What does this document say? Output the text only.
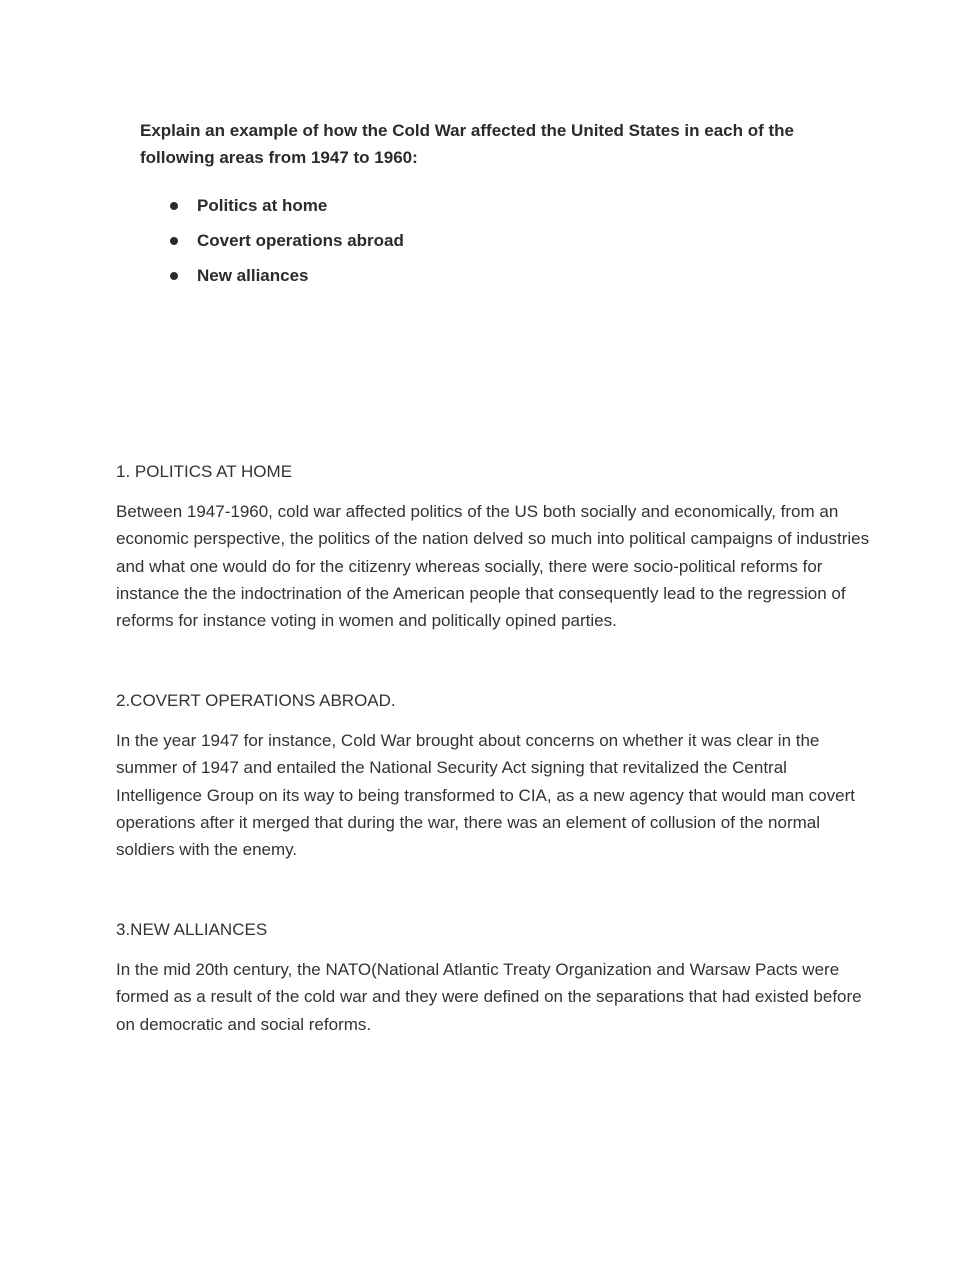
Explain an example of how the Cold War affected the United States in each of the following areas from 1947 to 1960:

Politics at home
Covert operations abroad
New alliances
1. POLITICS AT HOME

Between 1947-1960, cold war affected politics of the US both socially and economically, from an economic perspective, the politics of the nation delved so much into political campaigns of industries and what one would do for the citizenry whereas socially, there were socio-political reforms for instance the the indoctrination of the American people that consequently lead to the regression of reforms for instance voting in women and politically opined parties.

2.COVERT OPERATIONS ABROAD.

In the year 1947 for instance, Cold War brought about concerns on whether it was clear in the summer of 1947 and entailed the National Security Act signing that revitalized the Central Intelligence Group on its way to being transformed to CIA, as a new agency that would man covert operations after it merged that during the war, there was an element of collusion of the normal soldiers with the enemy.

3.NEW ALLIANCES

In the mid 20th century, the NATO(National Atlantic Treaty Organization and Warsaw Pacts were formed as a result of the cold war and they were defined on the separations that had existed before on democratic and social reforms.
